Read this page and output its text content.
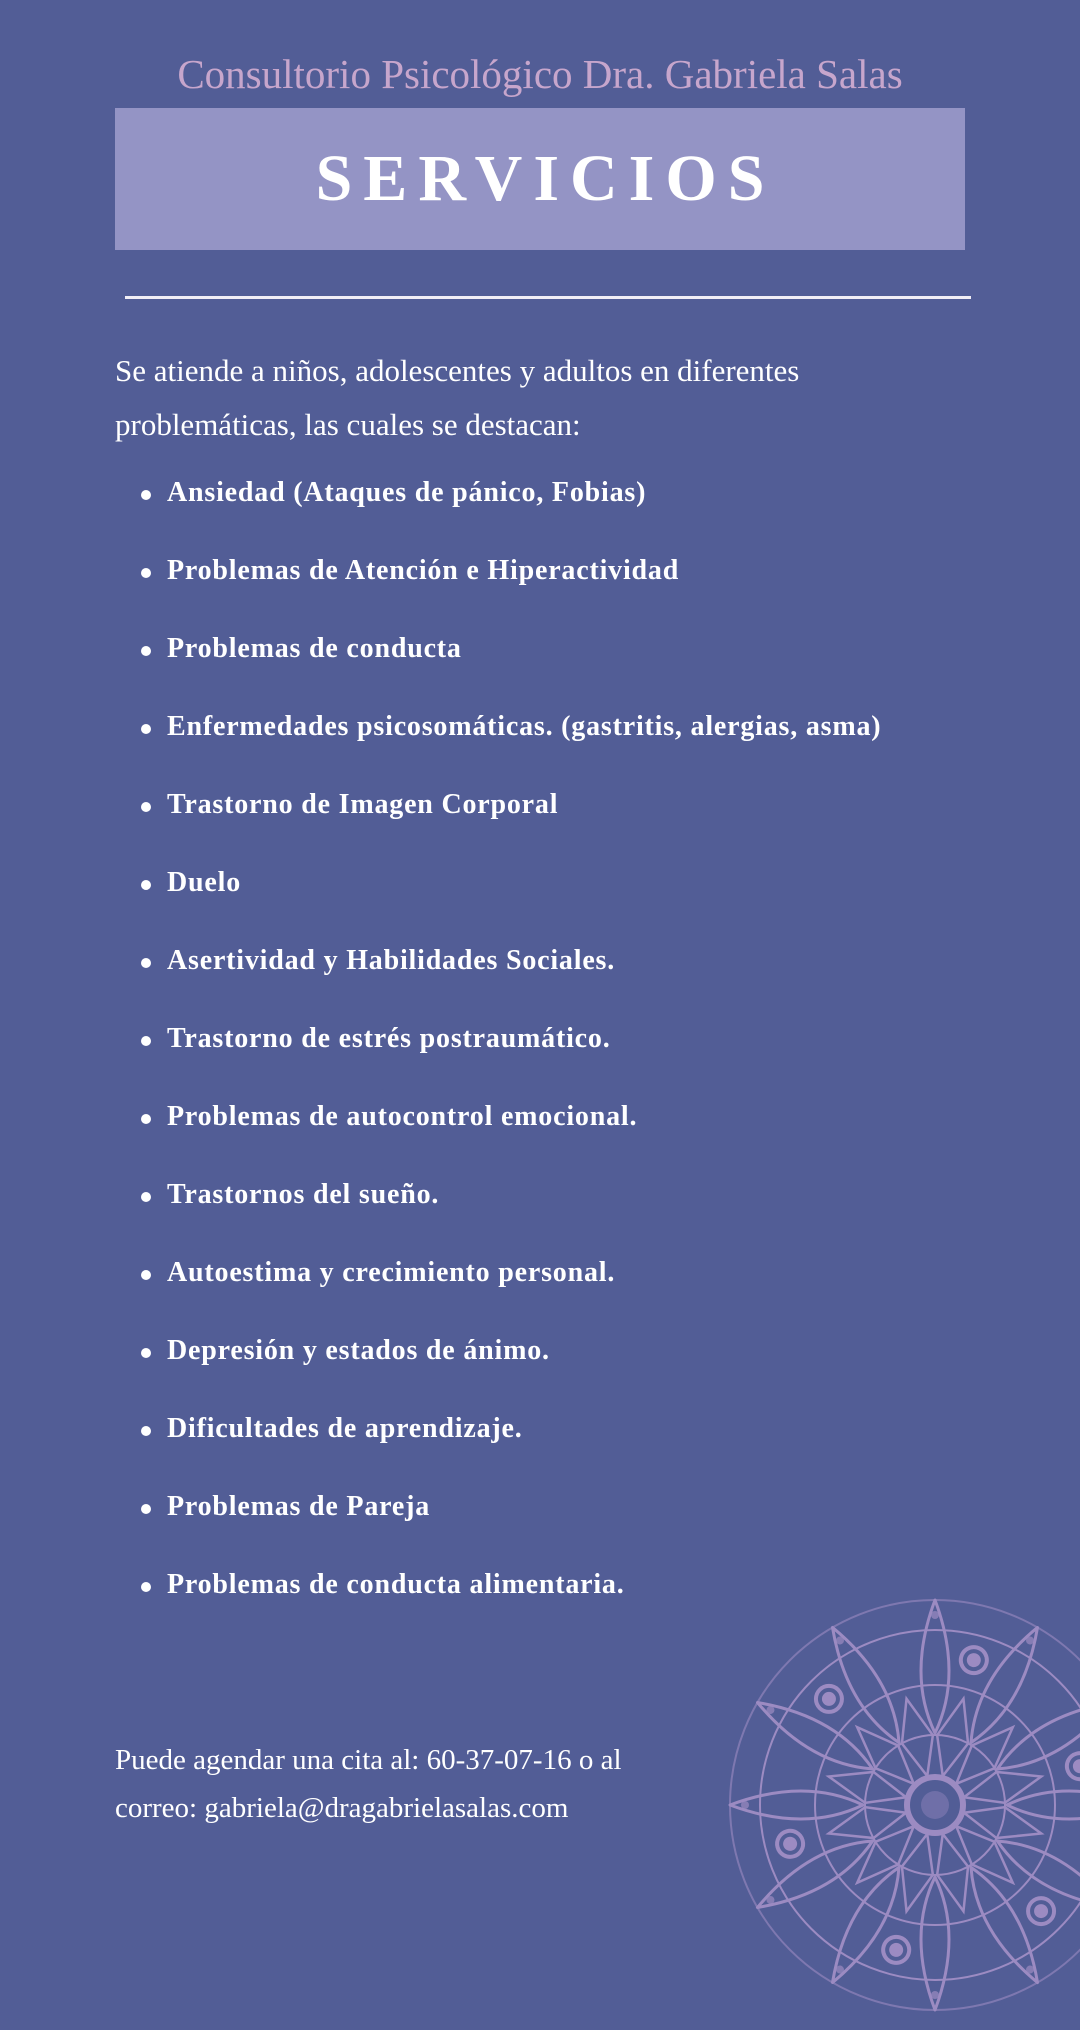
Consultorio Psicológico Dra. Gabriela Salas
SERVICIOS
Se atiende a niños, adolescentes y adultos en diferentes problemáticas, las cuales se destacan:
Ansiedad (Ataques de pánico, Fobias)
Problemas de Atención e Hiperactividad
Problemas de conducta
Enfermedades psicosomáticas. (gastritis, alergias, asma)
Trastorno de Imagen Corporal
Duelo
Asertividad y Habilidades Sociales.
Trastorno de estrés postraumático.
Problemas de autocontrol emocional.
Trastornos del sueño.
Autoestima y crecimiento personal.
Depresión y estados de ánimo.
Dificultades de aprendizaje.
Problemas de Pareja
Problemas de conducta alimentaria.
Puede agendar una cita al: 60-37-07-16 o al
correo: gabriela@dragabrielasalas.com
